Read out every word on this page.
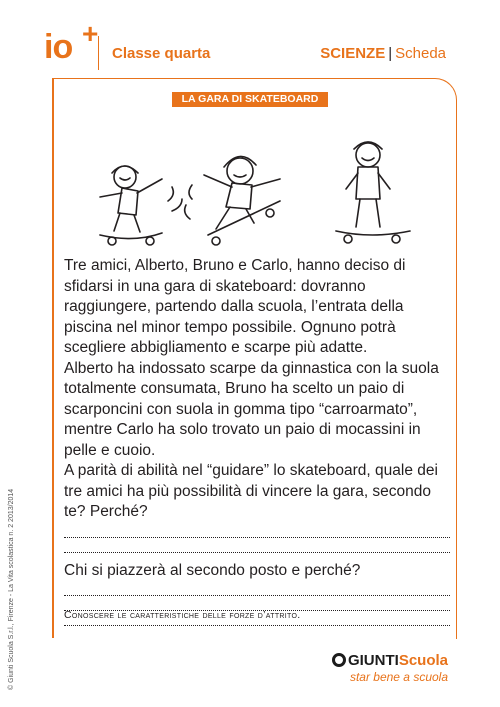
io +
Classe quarta	SCIENZE | Scheda
LA GARA DI SKATEBOARD

Tre amici, Alberto, Bruno e Carlo, hanno deciso di sfidarsi in una gara di skateboard: dovranno raggiungere, partendo dalla scuola, l’entrata della piscina nel minor tempo possibile. Ognuno potrà scegliere abbigliamento e scarpe più adatte.

Alberto ha indossato scarpe da ginnastica con la suola totalmente consumata, Bruno ha scelto un paio di scarponcini con suola in gomma tipo “carroarmato”, mentre Carlo ha solo trovato un paio di mocassini in pelle e cuoio.

A parità di abilità nel “guidare” lo skateboard, quale dei tre amici ha più possibilità di vincere la gara, secondo te? Perché?

Chi si piazzerà al secondo posto e perché?

Conoscere le caratteristiche delle forze d’attrito.
© Giunti Scuola S.r.l., Firenze - La Vita scolastica n. 2 2013/2014	GIUNTIScuola
star bene a scuola
